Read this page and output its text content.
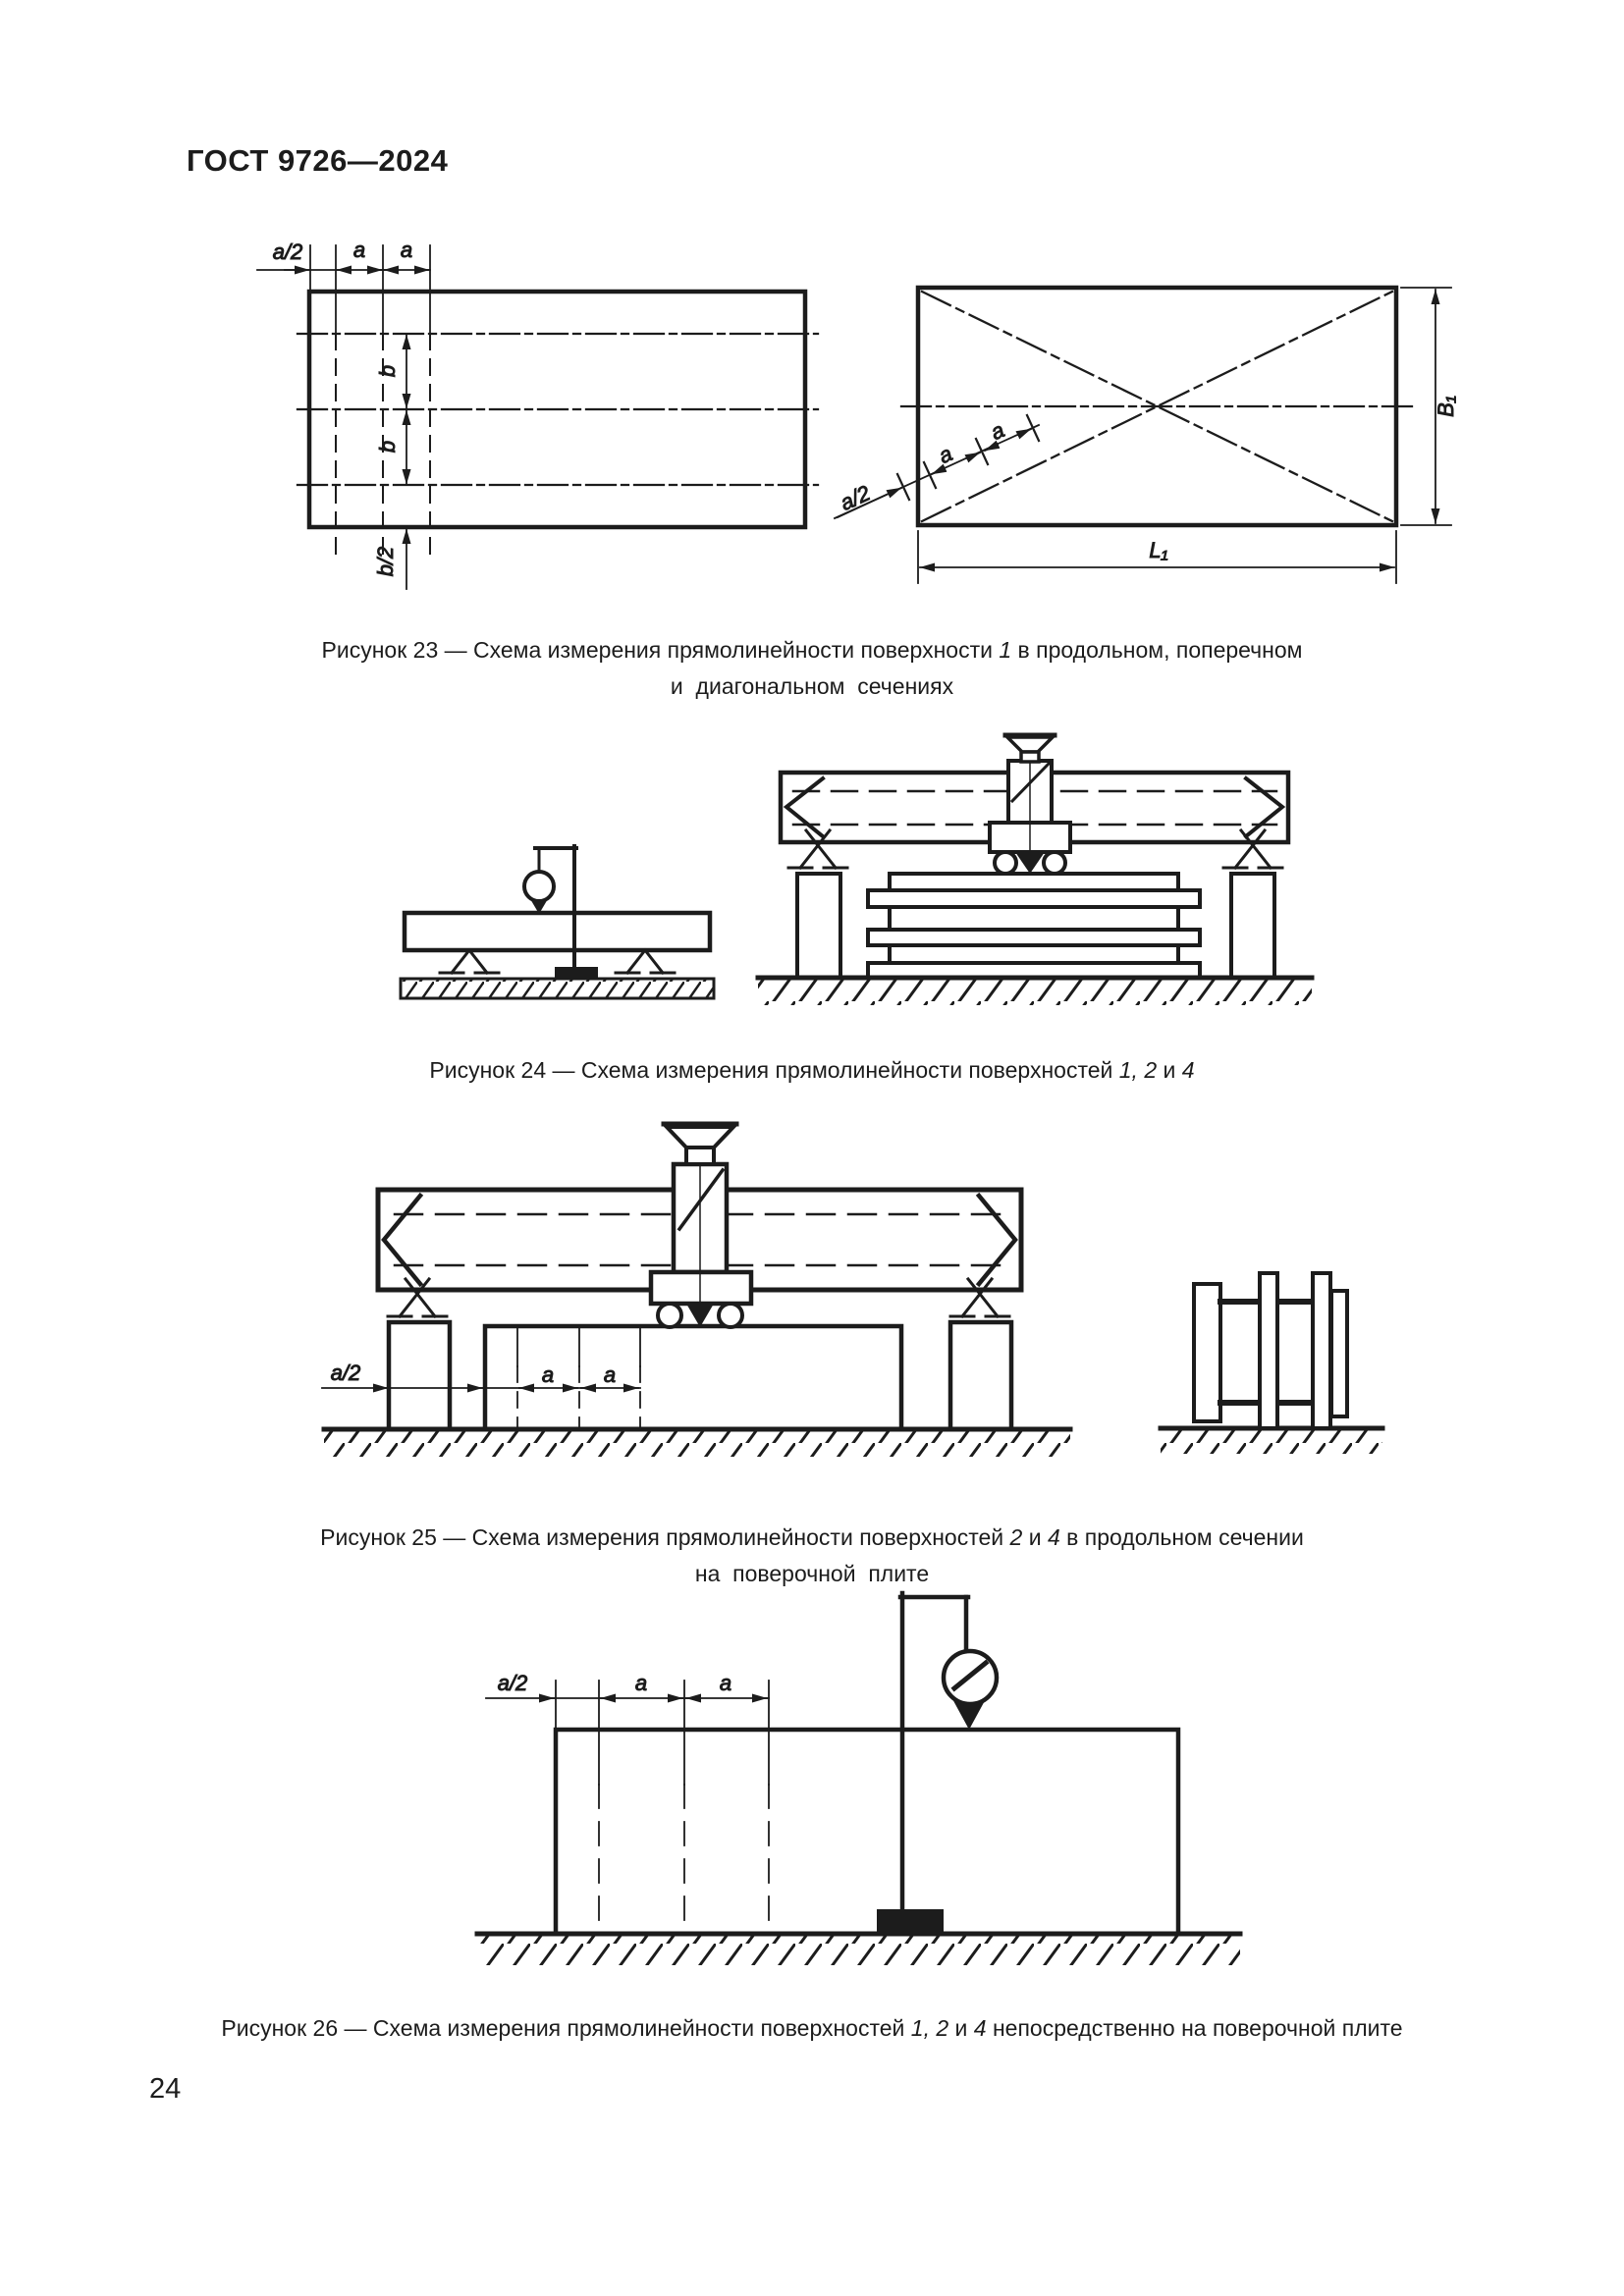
ГОСТ 9726—2024
a/2 a a
b
b
b/2
B₁
L₁
a/2
a
a
a/2	a a
a/2	a	a
Рисунок 23 — Схема измерения прямолинейности поверхности 1 в продольном, поперечном
и  диагональном  сечениях
Рисунок 24 — Схема измерения прямолинейности поверхностей 1, 2 и 4
Рисунок 25 — Схема измерения прямолинейности поверхностей 2 и 4 в продольном сечении
на  поверочной  плите
Рисунок 26 — Схема измерения прямолинейности поверхностей 1, 2 и 4 непосредственно на поверочной плите
24
